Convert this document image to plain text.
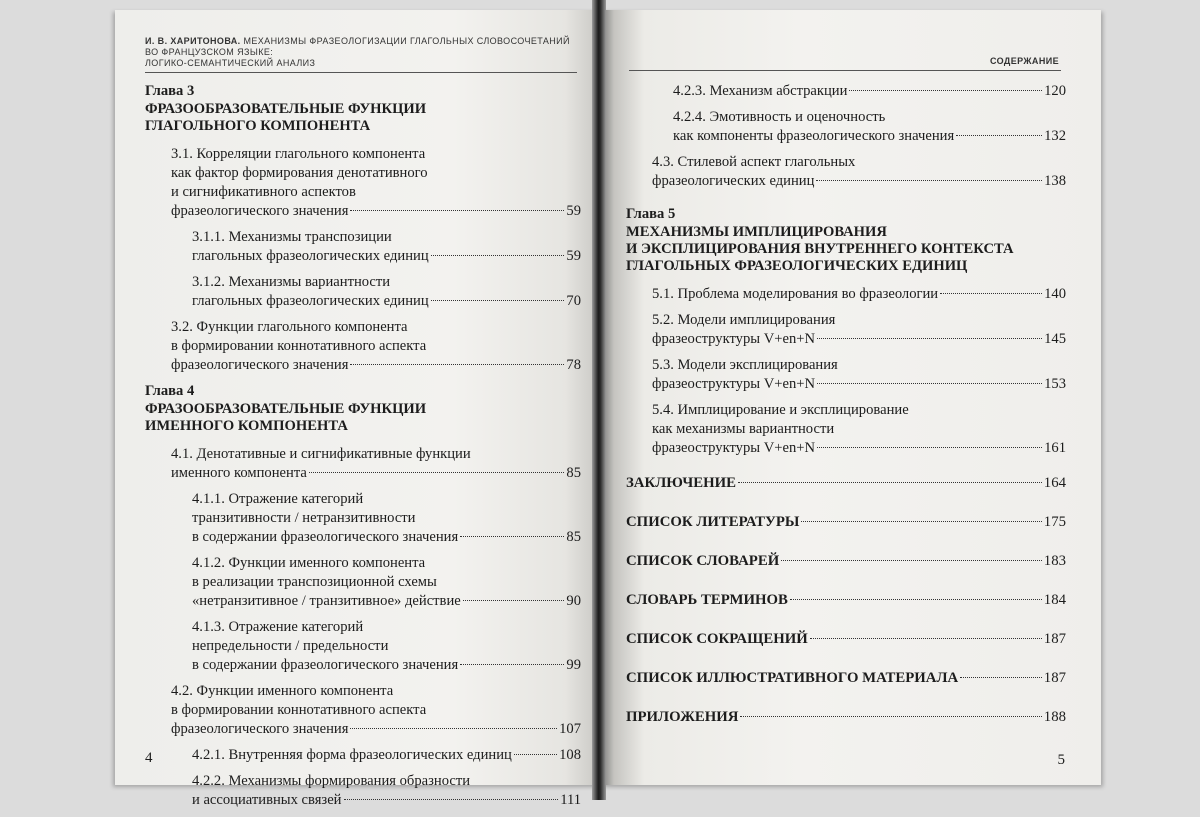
И. В. ХАРИТОНОВА. МЕХАНИЗМЫ ФРАЗЕОЛОГИЗАЦИИ ГЛАГОЛЬНЫХ СЛОВОСОЧЕТАНИЙ ВО ФРАНЦУЗСКОМ ЯЗЫКЕ:
ЛОГИКО-СЕМАНТИЧЕСКИЙ АНАЛИЗ
Глава 3
ФРАЗООБРАЗОВАТЕЛЬНЫЕ ФУНКЦИИ
ГЛАГОЛЬНОГО КОМПОНЕНТА
3.1. Корреляции глагольного компонента
как фактор формирования денотативного
и сигнификативного аспектов
фразеологического значения	59
3.1.1. Механизмы транспозиции
глагольных фразеологических единиц	59
3.1.2. Механизмы вариантности
глагольных фразеологических единиц	70
3.2. Функции глагольного компонента
в формировании коннотативного аспекта
фразеологического значения	78
Глава 4
ФРАЗООБРАЗОВАТЕЛЬНЫЕ ФУНКЦИИ
ИМЕННОГО КОМПОНЕНТА
4.1. Денотативные и сигнификативные функции
именного компонента	85
4.1.1. Отражение категорий
транзитивности / нетранзитивности
в содержании фразеологического значения	85
4.1.2. Функции именного компонента
в реализации транспозиционной схемы
«нетранзитивное / транзитивное» действие	90
4.1.3. Отражение категорий
непредельности / предельности
в содержании фразеологического значения	99
4.2. Функции именного компонента
в формировании коннотативного аспекта
фразеологического значения	107
4.2.1. Внутренняя форма фразеологических единиц	108
4.2.2. Механизмы формирования образности
и ассоциативных связей	111
4
СОДЕРЖАНИЕ
4.2.3. Механизм абстракции	120
4.2.4. Эмотивность и оценочность
как компоненты фразеологического значения	132
4.3. Стилевой аспект глагольных
фразеологических единиц	138
Глава 5
МЕХАНИЗМЫ ИМПЛИЦИРОВАНИЯ
И ЭКСПЛИЦИРОВАНИЯ ВНУТРЕННЕГО КОНТЕКСТА
ГЛАГОЛЬНЫХ ФРАЗЕОЛОГИЧЕСКИХ ЕДИНИЦ
5.1. Проблема моделирования во фразеологии	140
5.2. Модели имплицирования
фразеоструктуры V+en+N	145
5.3. Модели эксплицирования
фразеоструктуры V+en+N	153
5.4. Имплицирование и эксплицирование
как механизмы вариантности
фразеоструктуры V+en+N	161
ЗАКЛЮЧЕНИЕ	164
СПИСОК ЛИТЕРАТУРЫ	175
СПИСОК СЛОВАРЕЙ	183
СЛОВАРЬ ТЕРМИНОВ	184
СПИСОК СОКРАЩЕНИЙ	187
СПИСОК ИЛЛЮСТРАТИВНОГО МАТЕРИАЛА	187
ПРИЛОЖЕНИЯ	188
5
